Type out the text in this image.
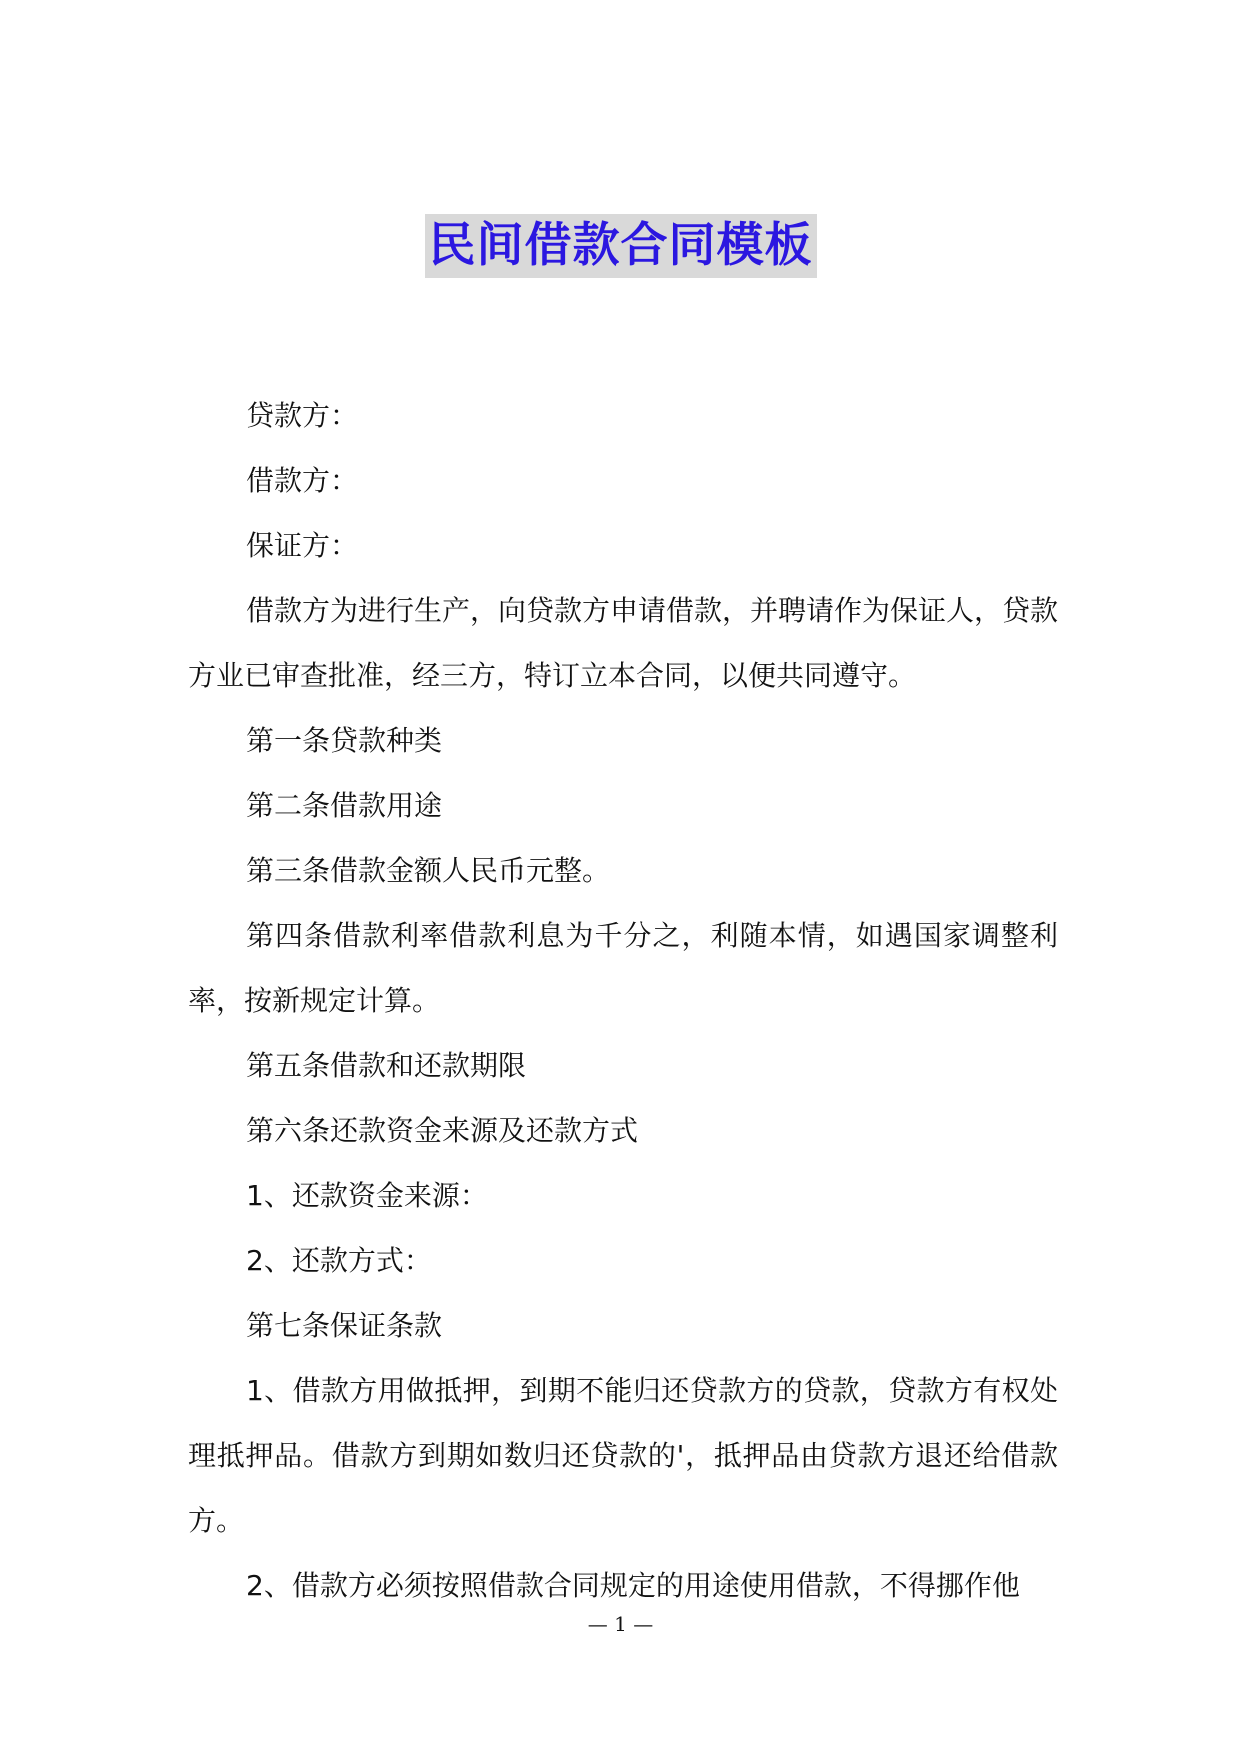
民间借款合同模板

贷款方：

借款方：

保证方：

借款方为进行生产，向贷款方申请借款，并聘请作为保证人，贷款方业已审查批准，经三方，特订立本合同，以便共同遵守。

第一条贷款种类

第二条借款用途

第三条借款金额人民币元整。

第四条借款利率借款利息为千分之，利随本情，如遇国家调整利率，按新规定计算。

第五条借款和还款期限

第六条还款资金来源及还款方式

1、还款资金来源：

2、还款方式：

第七条保证条款

1、借款方用做抵押，到期不能归还贷款方的贷款，贷款方有权处理抵押品。借款方到期如数归还贷款的'，抵押品由贷款方退还给借款方。

2、借款方必须按照借款合同规定的用途使用借款，不得挪作他

— 1 —
